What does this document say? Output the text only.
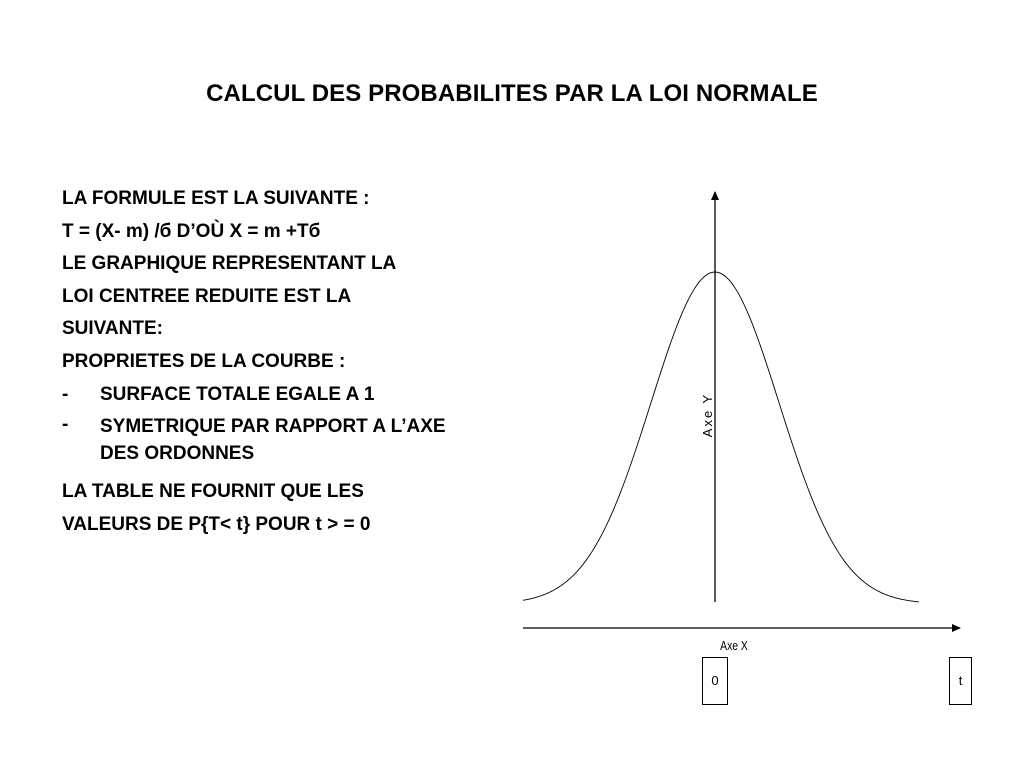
CALCUL DES PROBABILITES PAR LA LOI NORMALE
LA FORMULE EST LA SUIVANTE :
T = (X- m) /б D’OÙ X = m +Tб
LE GRAPHIQUE REPRESENTANT LA
LOI CENTREE REDUITE EST LA
SUIVANTE:
PROPRIETES DE LA COURBE :
- SURFACE TOTALE EGALE A 1
- SYMETRIQUE PAR RAPPORT A L’AXE DES ORDONNES
LA TABLE NE FOURNIT QUE LES
VALEURS DE P{T< t} POUR t > = 0
Axe Y
Axe X
0	t
